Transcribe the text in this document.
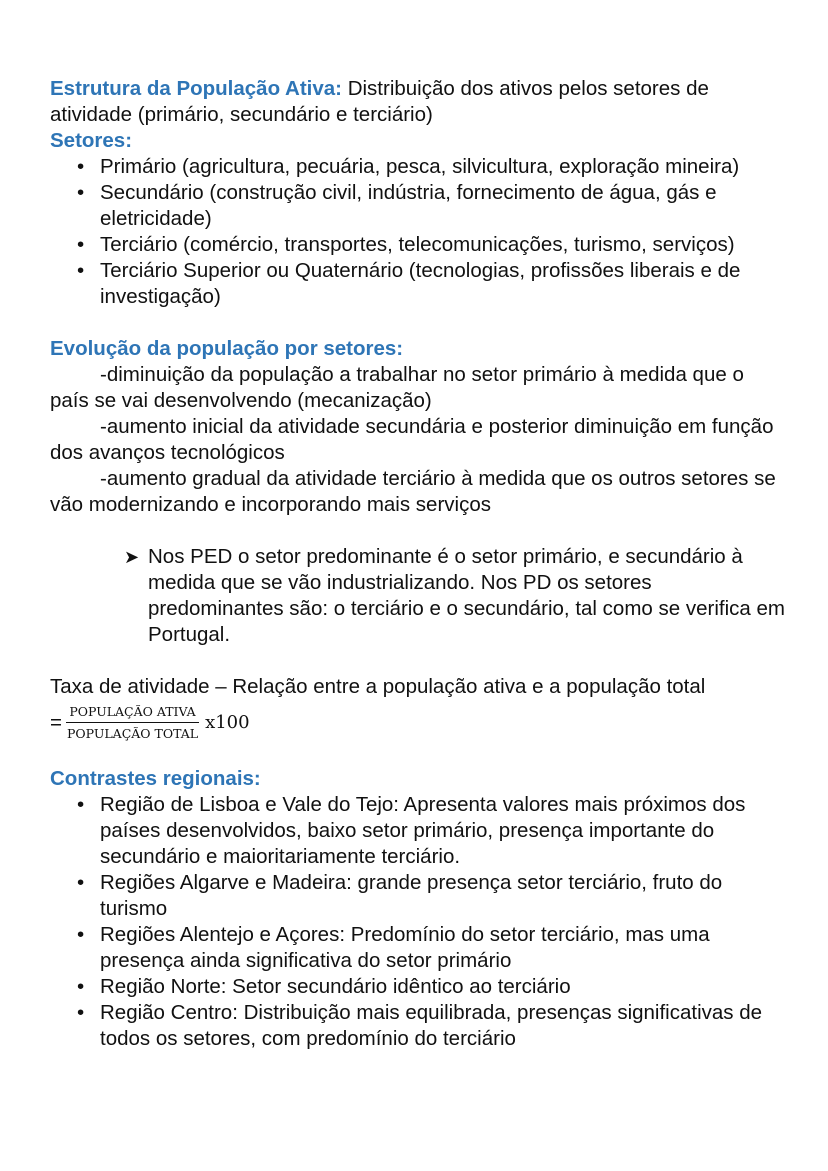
Estrutura da População Ativa: Distribuição dos ativos pelos setores de atividade (primário, secundário e terciário)

Setores:

• Primário (agricultura, pecuária, pesca, silvicultura, exploração mineira)
• Secundário (construção civil, indústria, fornecimento de água, gás e eletricidade)
• Terciário (comércio, transportes, telecomunicações, turismo, serviços)
• Terciário Superior ou Quaternário (tecnologias, profissões liberais e de investigação)

Evolução da população por setores:

-diminuição da população a trabalhar no setor primário à medida que o país se vai desenvolvendo (mecanização)

-aumento inicial da atividade secundária e posterior diminuição em função dos avanços tecnológicos

-aumento gradual da atividade terciário à medida que os outros setores se vão modernizando e incorporando mais serviços

➤ Nos PED o setor predominante é o setor primário, e secundário à medida que se vão industrializando. Nos PD os setores predominantes são: o terciário e o secundário, tal como se verifica em Portugal.

Taxa de atividade – Relação entre a população ativa e a população total

= $\frac{\text{POPULAÇÃO ATIVA}}{\text{POPULAÇÃO TOTAL}} x100$

Contrastes regionais:

• Região de Lisboa e Vale do Tejo: Apresenta valores mais próximos dos países desenvolvidos, baixo setor primário, presença importante do secundário e maioritariamente terciário.
• Regiões Algarve e Madeira: grande presença setor terciário, fruto do turismo
• Regiões Alentejo e Açores: Predomínio do setor terciário, mas uma presença ainda significativa do setor primário
• Região Norte: Setor secundário idêntico ao terciário
• Região Centro: Distribuição mais equilibrada, presenças significativas de todos os setores, com predomínio do terciário
